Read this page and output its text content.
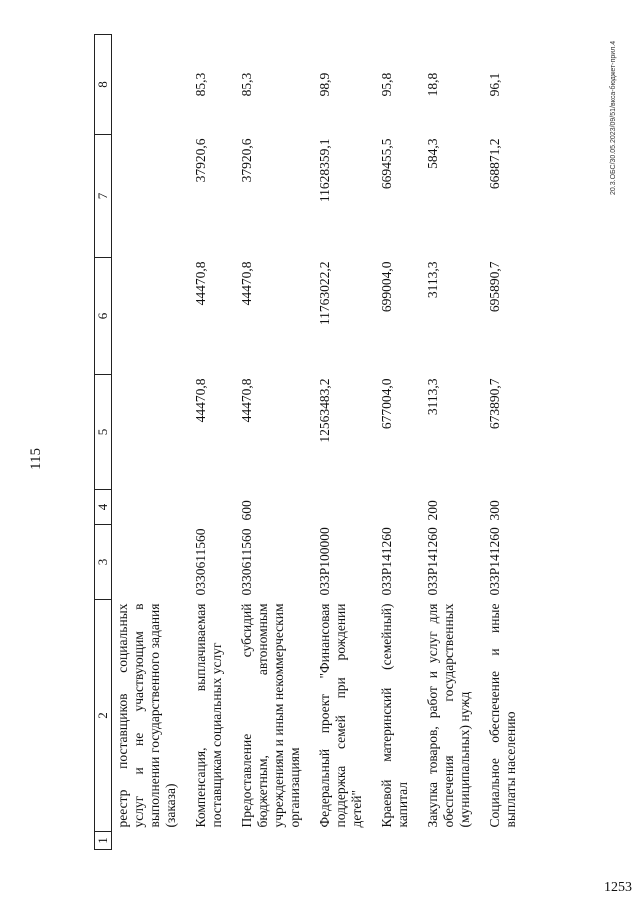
115
1	2	3	4	5	6	7	8
	реестр поставщиков социальных услуг и не участвующим в выполнении государственного задания (заказа)						
	Компенсация, выплачиваемая поставщикам социальных услуг	0330611560		44470,8	44470,8	37920,6	85,3
	Предоставление субсидий бюджетным, автономным учреждениям и иным некоммерческим организациям	0330611560	600	44470,8	44470,8	37920,6	85,3
	Федеральный проект "Финансовая поддержка семей при рождении детей"	033P100000		12563483,2	11763022,2	11628359,1	98,9
	Краевой материнский (семейный) капитал	033P141260		677004,0	699004,0	669455,5	95,8
	Закупка товаров, работ и услуг для обеспечения государственных (муниципальных) нужд	033P141260	200	3113,3	3113,3	584,3	18,8
	Социальное обеспечение и иные выплаты населению	033P141260	300	673890,7	695890,7	668871,2	96,1	20.3.ОБС/30.05.2023/09/51/вкса-бюджет-прил.4
1253
